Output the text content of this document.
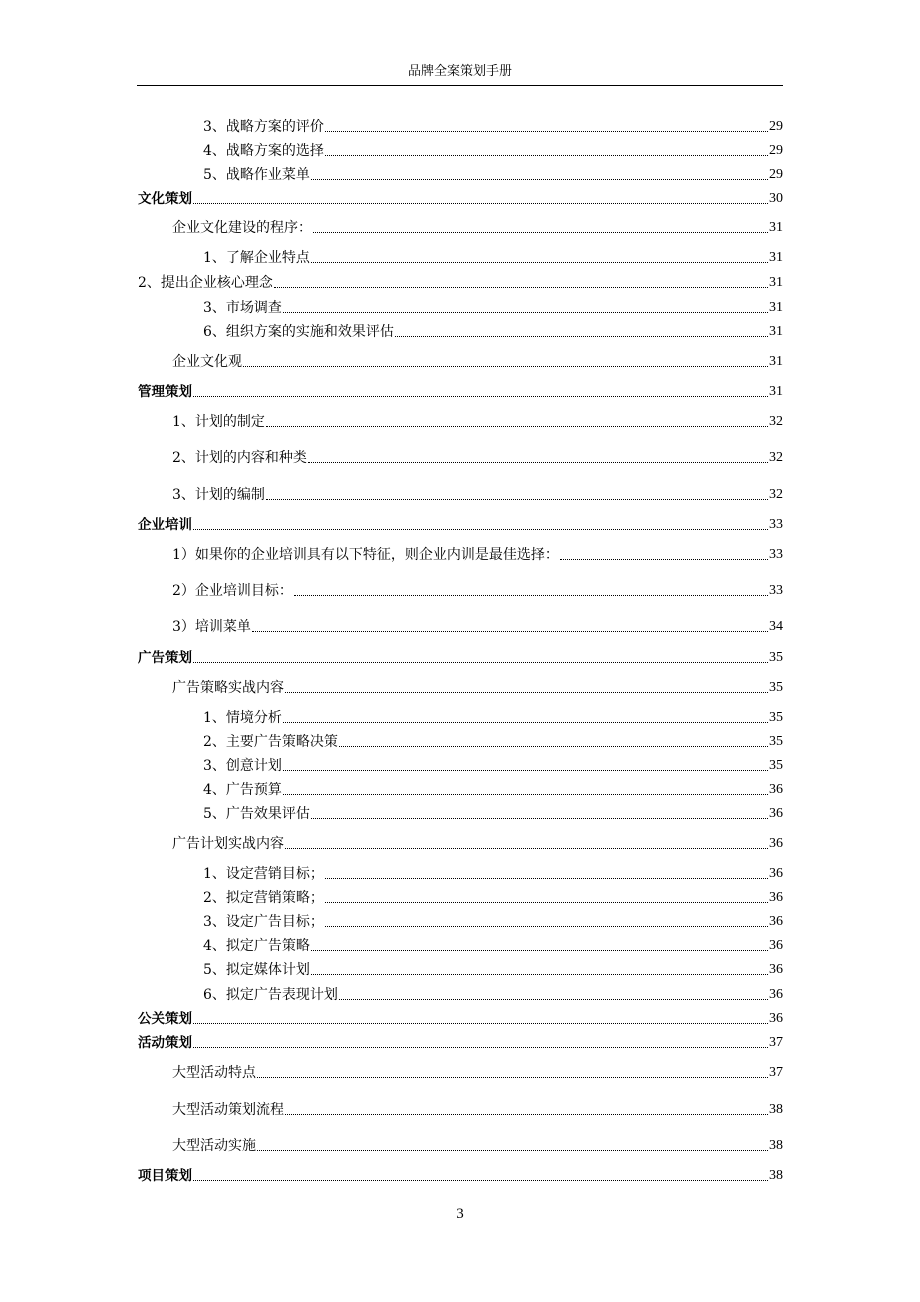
品牌全案策划手册
3、战略方案的评价	29
4、战略方案的选择	29
5、战略作业菜单	29
文化策划	30
企业文化建设的程序：	31
1、了解企业特点	31
2、提出企业核心理念	31
3、市场调查	31
6、组织方案的实施和效果评估	31
企业文化观	31
管理策划	31
1、计划的制定	32
2、计划的内容和种类	32
3、计划的编制	32
企业培训	33
1）如果你的企业培训具有以下特征，则企业内训是最佳选择：	33
2）企业培训目标：	33
3）培训菜单	34
广告策划	35
广告策略实战内容	35
1、情境分析	35
2、主要广告策略决策	35
3、创意计划	35
4、广告预算	36
5、广告效果评估	36
广告计划实战内容	36
1、设定营销目标；	36
2、拟定营销策略；	36
3、设定广告目标；	36
4、拟定广告策略	36
5、拟定媒体计划	36
6、拟定广告表现计划	36
公关策划	36
活动策划	37
大型活动特点	37
大型活动策划流程	38
大型活动实施	38
项目策划	38
3
